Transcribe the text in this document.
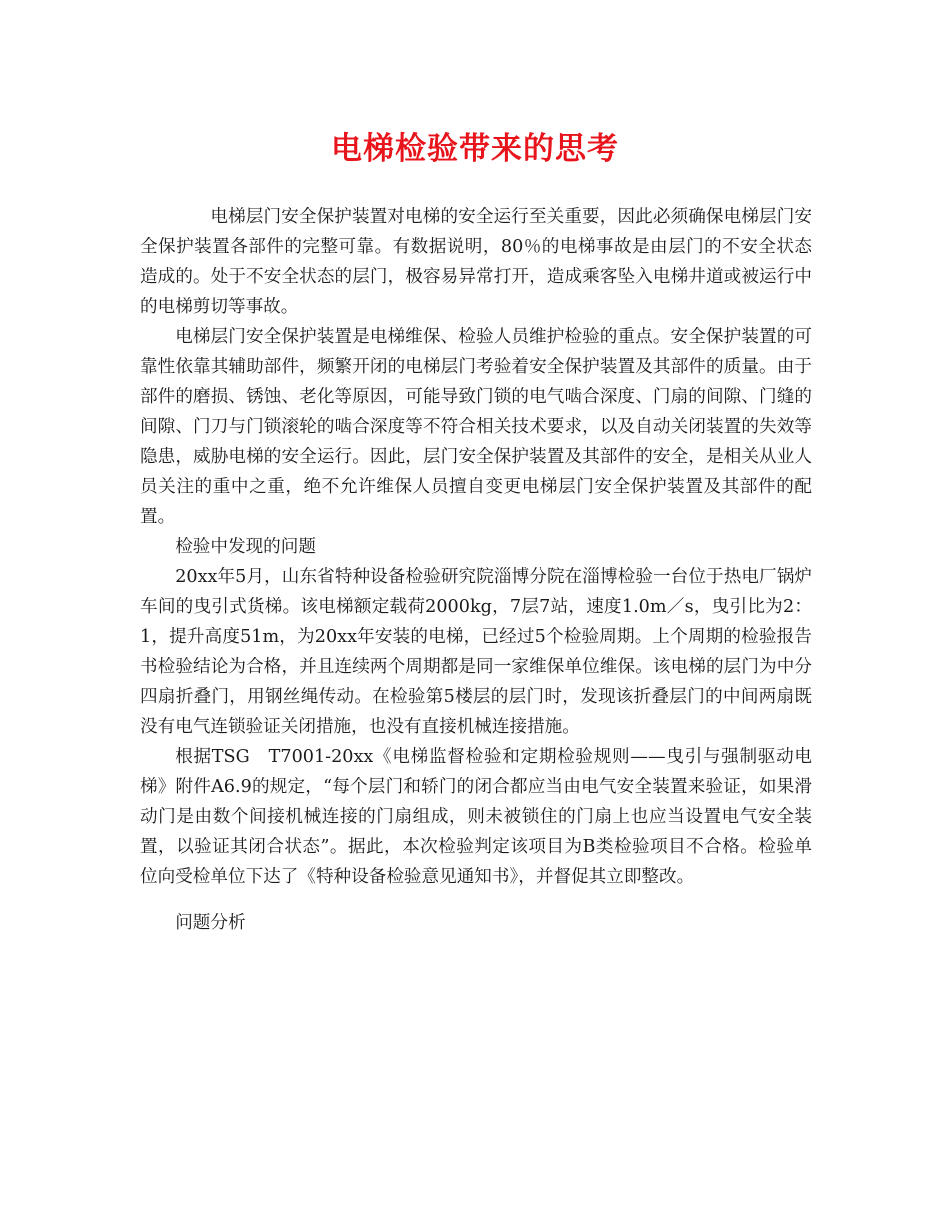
电梯检验带来的思考

电梯层门安全保护装置对电梯的安全运行至关重要，因此必须确保电梯层门安全保护装置各部件的完整可靠。有数据说明，80％的电梯事故是由层门的不安全状态造成的。处于不安全状态的层门，极容易异常打开，造成乘客坠入电梯井道或被运行中的电梯剪切等事故。

电梯层门安全保护装置是电梯维保、检验人员维护检验的重点。安全保护装置的可靠性依靠其辅助部件，频繁开闭的电梯层门考验着安全保护装置及其部件的质量。由于部件的磨损、锈蚀、老化等原因，可能导致门锁的电气啮合深度、门扇的间隙、门缝的间隙、门刀与门锁滚轮的啮合深度等不符合相关技术要求，以及自动关闭装置的失效等隐患，威胁电梯的安全运行。因此，层门安全保护装置及其部件的安全，是相关从业人员关注的重中之重，绝不允许维保人员擅自变更电梯层门安全保护装置及其部件的配置。

检验中发现的问题

20xx年5月，山东省特种设备检验研究院淄博分院在淄博检验一台位于热电厂锅炉车间的曳引式货梯。该电梯额定载荷2000kg，7层7站，速度1.0m／s，曳引比为2：1，提升高度51m，为20xx年安装的电梯，已经过5个检验周期。上个周期的检验报告书检验结论为合格，并且连续两个周期都是同一家维保单位维保。该电梯的层门为中分四扇折叠门，用钢丝绳传动。在检验第5楼层的层门时，发现该折叠层门的中间两扇既没有电气连锁验证关闭措施，也没有直接机械连接措施。

根据TSG　T7001-20xx《电梯监督检验和定期检验规则——曳引与强制驱动电梯》附件A6.9的规定，“每个层门和轿门的闭合都应当由电气安全装置来验证，如果滑动门是由数个间接机械连接的门扇组成，则未被锁住的门扇上也应当设置电气安全装置，以验证其闭合状态”。据此，本次检验判定该项目为B类检验项目不合格。检验单位向受检单位下达了《特种设备检验意见通知书》，并督促其立即整改。

问题分析
